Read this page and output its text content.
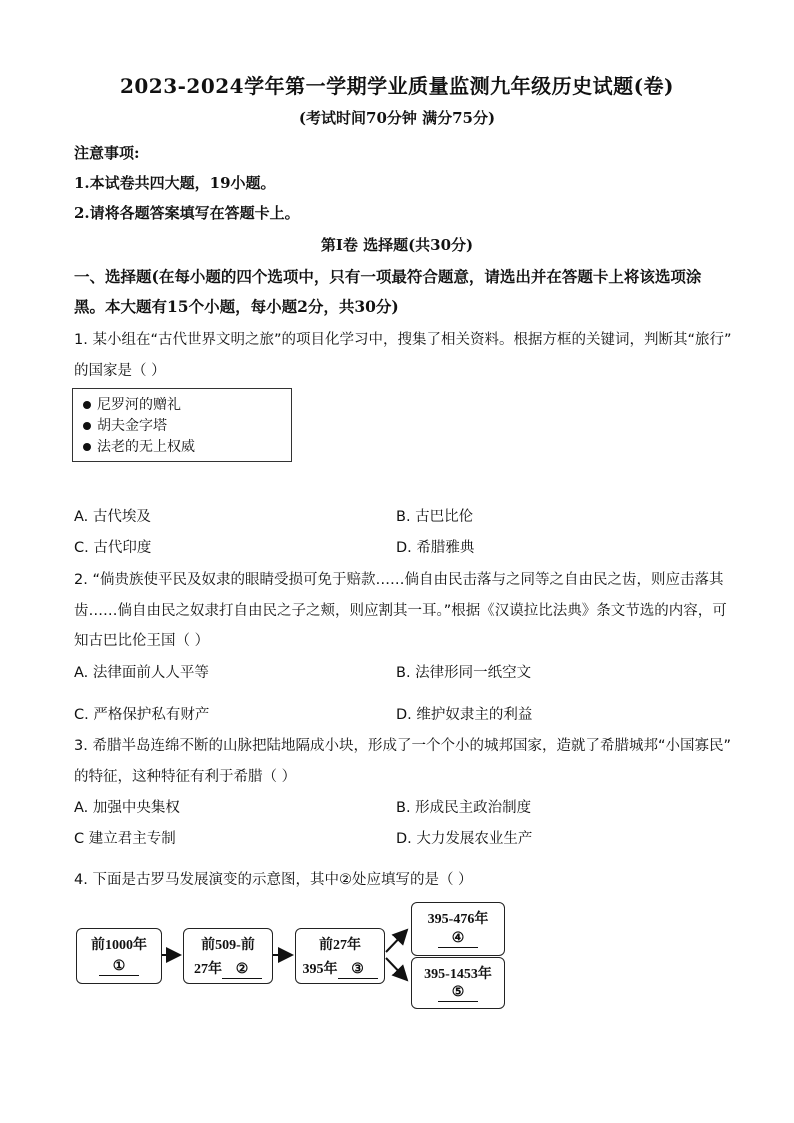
2023-2024学年第一学期学业质量监测九年级历史试题(卷)
(考试时间70分钟 满分75分)
注意事项:
1.本试卷共四大题，19小题。
2.请将各题答案填写在答题卡上。
第Ⅰ卷 选择题(共30分)
一、选择题(在每小题的四个选项中，只有一项最符合题意，请选出并在答题卡上将该选项涂
黑。本大题有15个小题，每小题2分，共30分)
1. 某小组在“古代世界文明之旅”的项目化学习中，搜集了相关资料。根据方框的关键词，判断其“旅行”
的国家是（ ）
尼罗河的赠礼
胡夫金字塔
法老的无上权威
A. 古代埃及	B. 古巴比伦
C. 古代印度	D. 希腊雅典
2. “倘贵族使平民及奴隶的眼睛受损可免于赔款……倘自由民击落与之同等之自由民之齿，则应击落其
齿……倘自由民之奴隶打自由民之子之颊，则应割其一耳。”根据《汉谟拉比法典》条文节选的内容，可
知古巴比伦王国（ ）
A. 法律面前人人平等	B. 法律形同一纸空文
C. 严格保护私有财产	D. 维护奴隶主的利益
3. 希腊半岛连绵不断的山脉把陆地隔成小块，形成了一个个小的城邦国家，造就了希腊城邦“小国寡民”
的特征，这种特征有利于希腊（ ）
A. 加强中央集权	B. 形成民主政治制度
C 建立君主专制	D. 大力发展农业生产
4. 下面是古罗马发展演变的示意图，其中②处应填写的是（ ）
前1000年
①
前509-前
27年 ②
前27年
395年 ③
395-476年
④
395-1453年
⑤
